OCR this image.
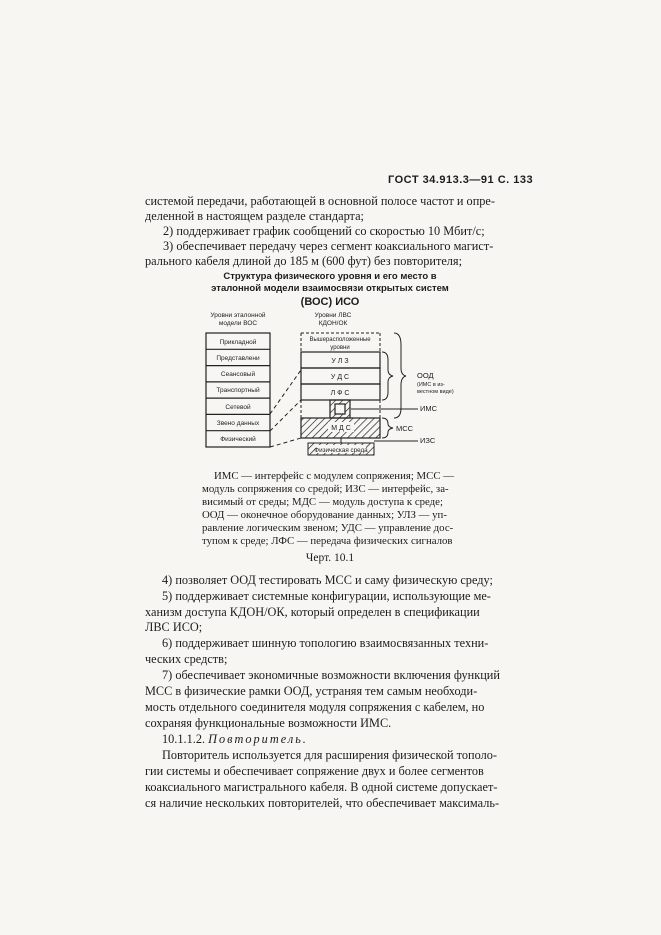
ГОСТ 34.913.3—91 С. 133
системой передачи, работающей в основной полосе частот и опре-
деленной в настоящем разделе стандарта;
2) поддерживает график сообщений со скоростью 10 Мбит/с;
3) обеспечивает передачу через сегмент коаксиального магист-
рального кабеля длиной до 185 м (600 фут) без повторителя;
Структура физического уровня и его место в
эталонной модели взаимосвязи открытых систем
(ВОС) ИСО
Уровни эталонной
модели ВОС
Прикладной
Представлени
Сеансовый
Транспортный
Сетевой
Звено данных
Физический
Уровни ЛВС
КДОН/ОК
Вышерасположенные
уровни
У Л З
У Д С
Л Ф С
М Д С
Физическая среда
ООД
(ИМС в из-
вестном виде)
ИМС
МСС
ИЗС
ИМС — интерфейс с модулем сопряжения; МСС —
модуль сопряжения со средой; ИЗС — интерфейс, за-
висимый от среды; МДС — модуль доступа к среде;
ООД — оконечное оборудование данных; УЛЗ — уп-
равление логическим звеном; УДС — управление дос-
тупом к среде; ЛФС — передача физических сигналов
Черт. 10.1
4) позволяет ООД тестировать МСС и саму физическую среду;
5) поддерживает системные конфигурации, использующие ме-
ханизм доступа КДОН/ОК, который определен в спецификации
ЛВС ИСО;
6) поддерживает шинную топологию взаимосвязанных техни-
ческих средств;
7) обеспечивает экономичные возможности включения функций
МСС в физические рамки ООД, устраняя тем самым необходи-
мость отдельного соединителя модуля сопряжения с кабелем, но
сохраняя функциональные возможности ИМС.
10.1.1.2. Повторитель.
Повторитель используется для расширения физической тополо-
гии системы и обеспечивает сопряжение двух и более сегментов
коаксиального магистрального кабеля. В одной системе допускает-
ся наличие нескольких повторителей, что обеспечивает максималь-
